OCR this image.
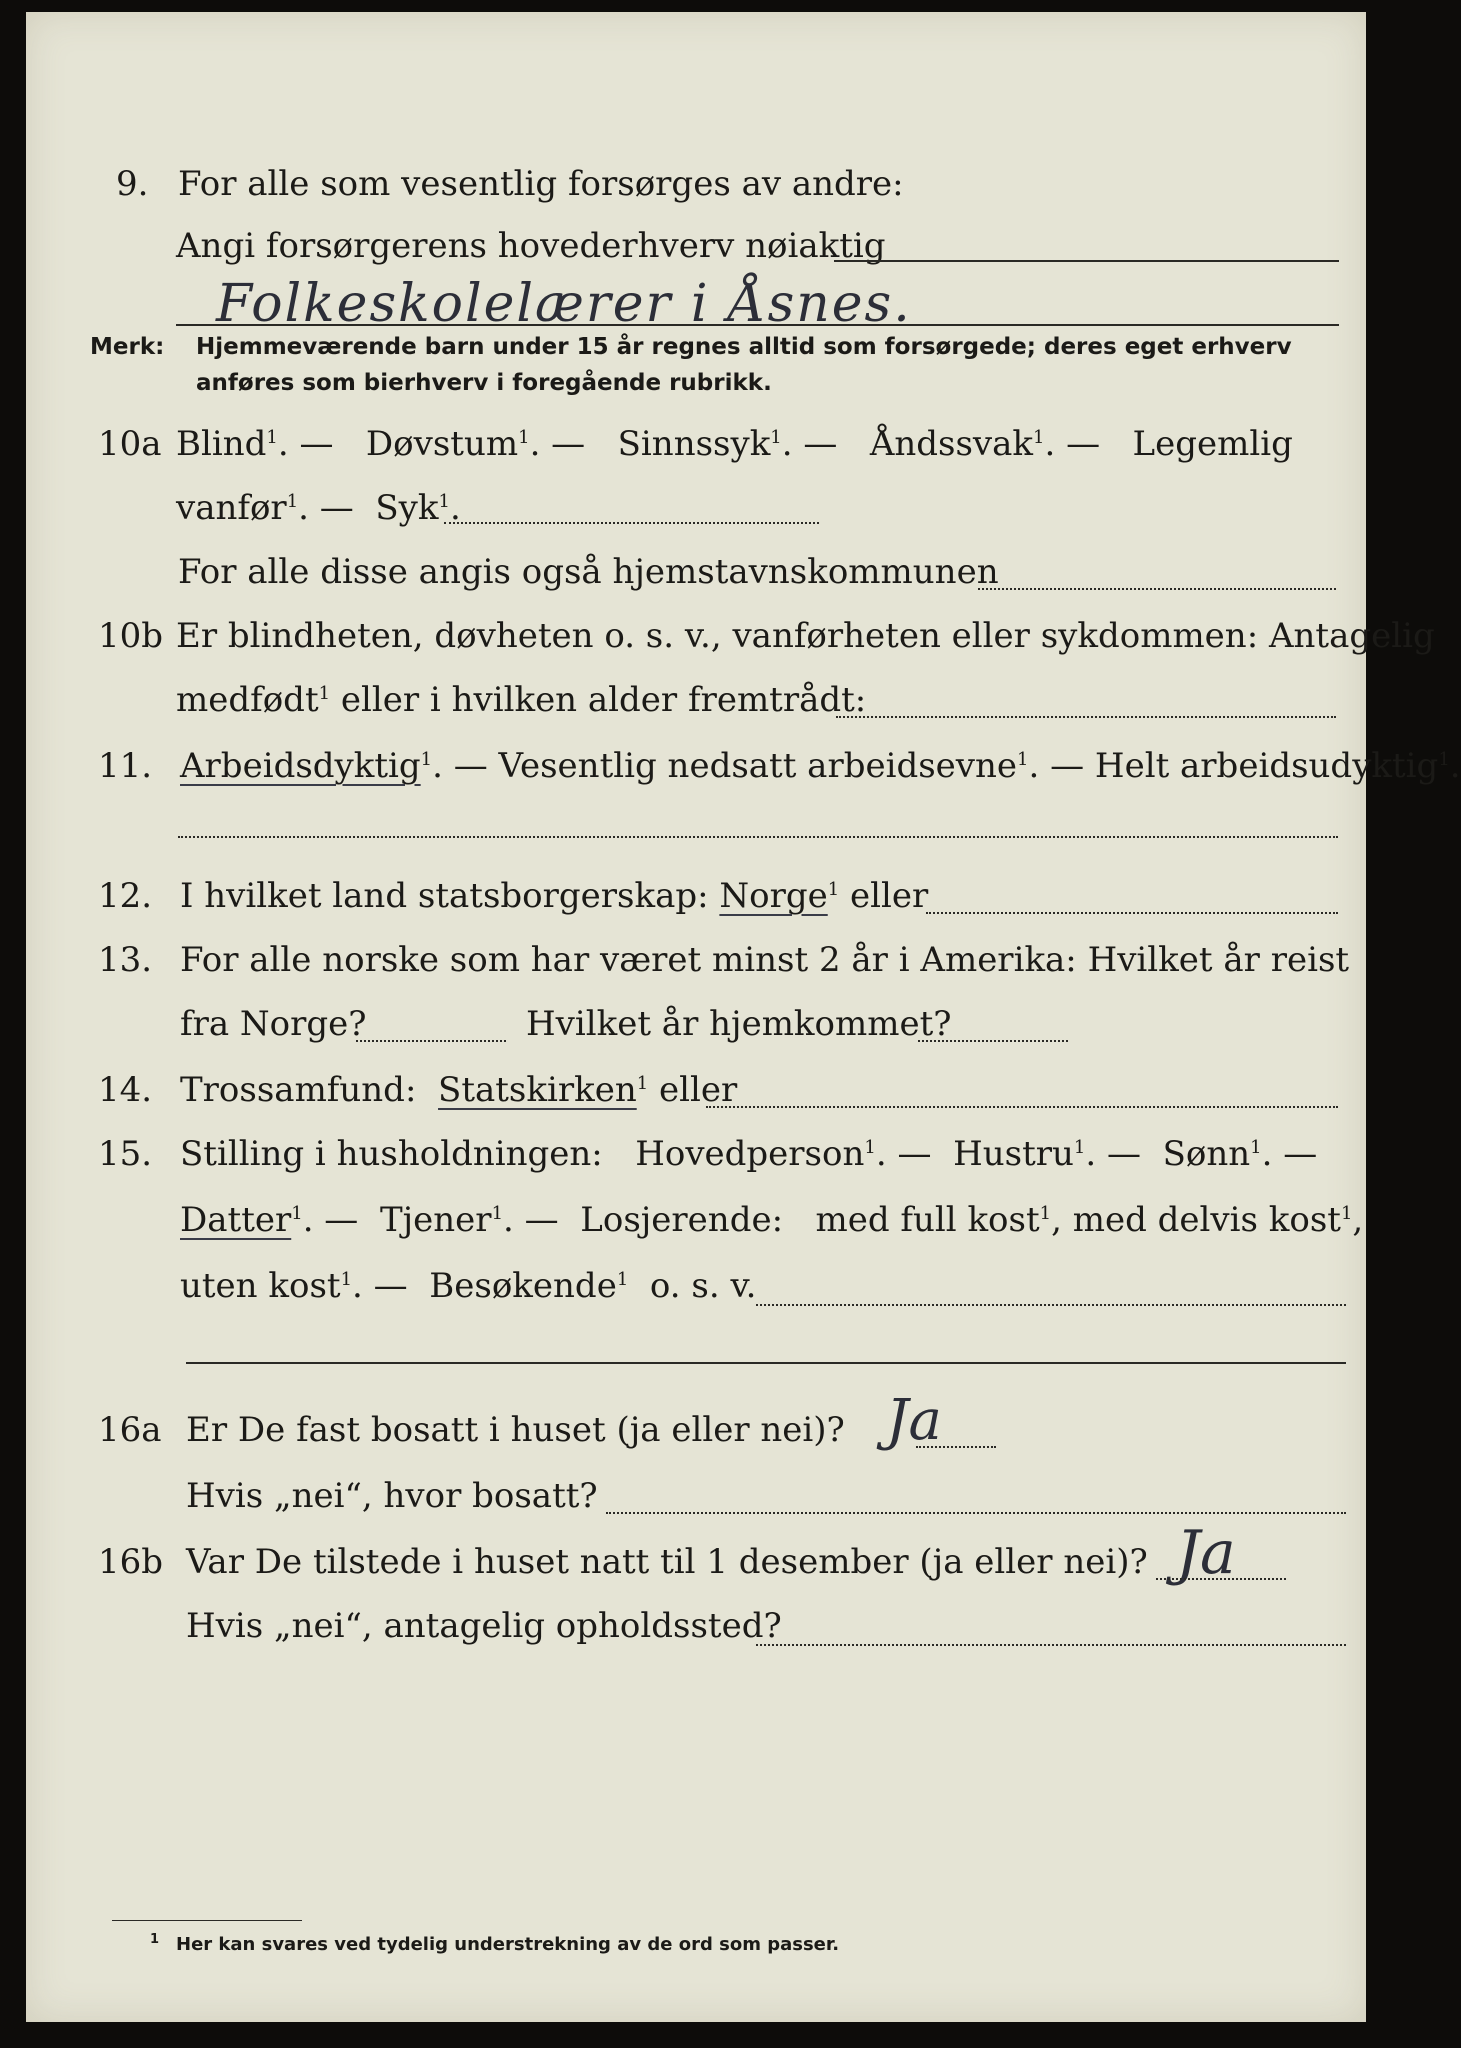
9. For alle som vesentlig forsørges av andre:
Angi forsørgerens hovederhverv nøiaktig
Folkeskolelærer i Åsnes.
Merk: Hjemmeværende barn under 15 år regnes alltid som forsørgede; deres eget erhverv
anføres som bierhverv i foregående rubrikk.
10a Blind$^1$. — Døvstum$^1$. — Sinnssyk$^1$. — Åndssvak$^1$. — Legemlig
vanfør$^1$. — Syk$^1$.
For alle disse angis også hjemstavnskommunen
10b Er blindheten, døvheten o. s. v., vanførheten eller sykdommen: Antagelig
medfødt$^1$ eller i hvilken alder fremtrådt:
11. Arbeidsdyktig$^1$. — Vesentlig nedsatt arbeidsevne$^1$. — Helt arbeidsudyktig$^1$.
12. I hvilket land statsborgerskap: Norge$^1$ eller
13. For alle norske som har været minst 2 år i Amerika: Hvilket år reist
fra Norge?	Hvilket år hjemkommet?
14. Trossamfund: Statskirken$^1$ eller
15. Stilling i husholdningen: Hovedperson$^1$. — Hustru$^1$. — Sønn$^1$. —
Datter$^1$. — Tjener$^1$. — Losjerende: med full kost$^1$, med delvis kost$^1$,
uten kost$^1$. — Besøkende$^1$ o. s. v.
16a Er De fast bosatt i huset (ja eller nei)? Ja
Hvis „nei“, hvor bosatt?
16b Var De tilstede i huset natt til 1 desember (ja eller nei)? Ja
Hvis „nei“, antagelig opholdssted?
1 Her kan svares ved tydelig understrekning av de ord som passer.
